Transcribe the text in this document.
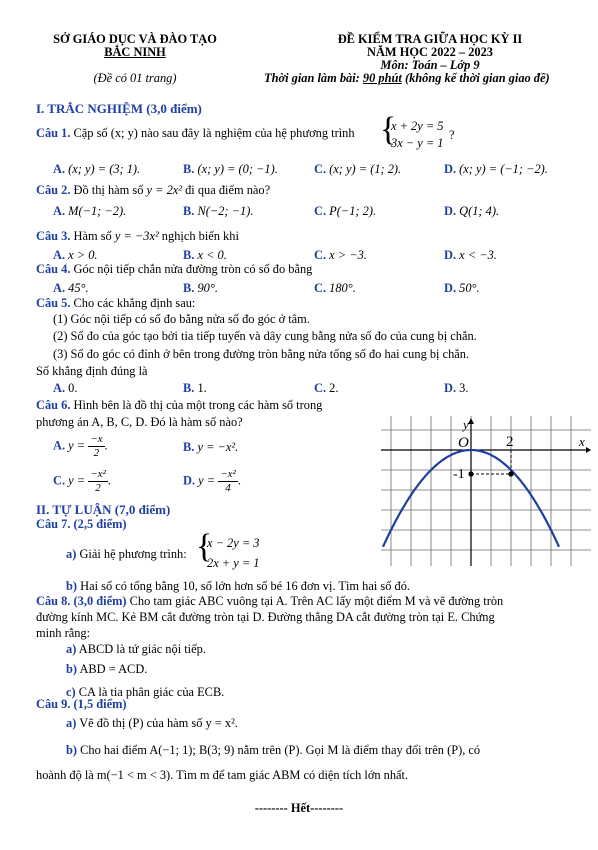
SỞ GIÁO DỤC VÀ ĐÀO TẠO
BẮC NINH
(Đề có 01 trang)
ĐỀ KIỂM TRA GIỮA HỌC KỲ II
NĂM HỌC 2022 – 2023
Môn: Toán – Lớp 9
Thời gian làm bài: 90 phút (không kể thời gian giao đề)
I. TRẮC NGHIỆM (3,0 điểm)
Câu 1. Cặp số (x; y) nào sau đây là nghiệm của hệ phương trình {
x + 2y = 5
3x − y = 1
?
A. (x; y) = (3; 1).	B. (x; y) = (0; −1).	C. (x; y) = (1; 2).	D. (x; y) = (−1; −2).
Câu 2. Đồ thị hàm số y = 2x² đi qua điểm nào?
A. M(−1; −2).	B. N(−2; −1).	C. P(−1; 2).	D. Q(1; 4).
Câu 3. Hàm số y = −3x² nghịch biến khi
A. x > 0.	B. x < 0.	C. x > −3.	D. x < −3.
Câu 4. Góc nội tiếp chắn nửa đường tròn có số đo bằng
A. 45°.	B. 90°.	C. 180°.	D. 50°.
Câu 5. Cho các khẳng định sau:
(1) Góc nội tiếp có số đo bằng nửa số đo góc ở tâm.
(2) Số đo của góc tạo bởi tia tiếp tuyến và dây cung bằng nửa số đo của cung bị chắn.
(3) Số đo góc có đỉnh ở bên trong đường tròn bằng nửa tổng số đo hai cung bị chắn.
Số khẳng định đúng là
A. 0.	B. 1.	C. 2.	D. 3.
Câu 6. Hình bên là đồ thị của một trong các hàm số trong
phương án A, B, C, D. Đó là hàm số nào?
A. $y = \frac{-x}{2}$ .	B. y = −x².
C. $y = \frac{\text{−x²}}{2}$ .	D. $y = \frac{\text{−x²}}{4}$ .
y
x
O 2
-1
II. TỰ LUẬN (7,0 điểm)
Câu 7. (2,5 điểm)
a) Giải hệ phương trình: {
x − 2y = 3
2x + y = 1
b) Hai số có tổng bằng 10, số lớn hơn số bé 16 đơn vị. Tìm hai số đó.
Câu 8. (3,0 điểm) Cho tam giác ABC vuông tại A. Trên AC lấy một điểm M và vẽ đường tròn
đường kính MC. Kẻ BM cắt đường tròn tại D. Đường thẳng DA cắt đường tròn tại E. Chứng
minh rằng:
a) ABCD là tứ giác nội tiếp.
b) ABD = ACD.
c) CA là tia phân giác của ECB.
Câu 9. (1,5 điểm)
a) Vẽ đồ thị (P) của hàm số y = x².
b) Cho hai điểm A(−1; 1); B(3; 9) nằm trên (P). Gọi M là điểm thay đổi trên (P), có
hoành độ là m(−1 < m < 3). Tìm m để tam giác ABM có diện tích lớn nhất.
-------- Hết--------
